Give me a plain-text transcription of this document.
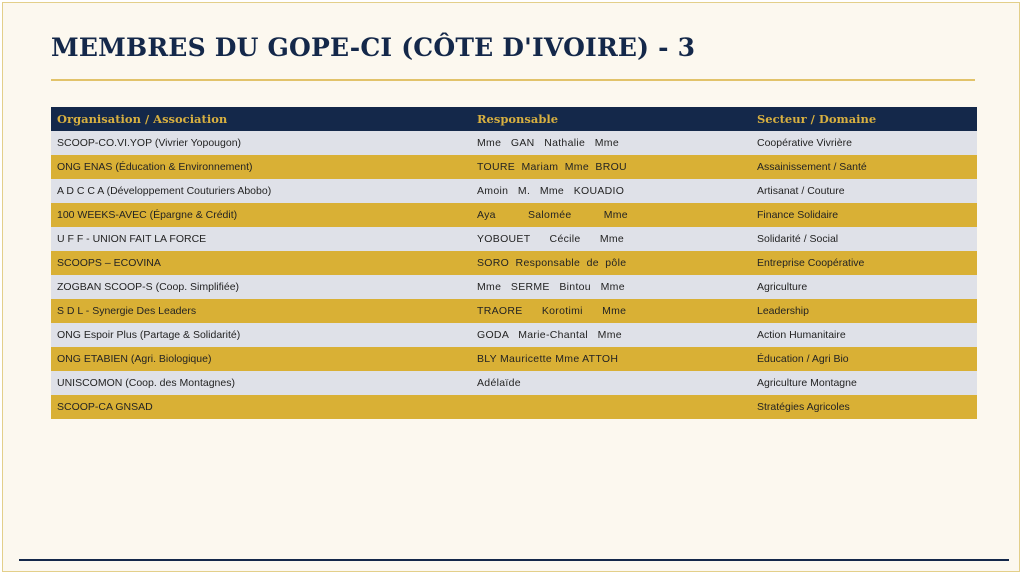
MEMBRES DU GOPE-CI (CÔTE D'IVOIRE) - 3
Organisation / Association	Responsable	Secteur / Domaine
SCOOP-CO.VI.YOP (Vivrier Yopougon)	Mme   GAN   Nathalie   Mme	Coopérative Vivrière
ONG ENAS (Éducation & Environnement)	TOURE  Mariam  Mme  BROU	Assainissement / Santé
A D C C A (Développement Couturiers Abobo)	Amoin   M.   Mme   KOUADIO	Artisanat / Couture
100 WEEKS-AVEC (Épargne & Crédit)	Aya          Salomée          Mme	Finance Solidaire
U F F - UNION FAIT LA FORCE	YOBOUET      Cécile      Mme	Solidarité / Social
SCOOPS – ECOVINA	SORO  Responsable  de  pôle	Entreprise Coopérative
ZOGBAN SCOOP-S (Coop. Simplifiée)	Mme   SERME   Bintou   Mme	Agriculture
S D L - Synergie Des Leaders	TRAORE      Korotimi      Mme	Leadership
ONG Espoir Plus (Partage & Solidarité)	GODA   Marie-Chantal   Mme	Action Humanitaire
ONG ETABIEN (Agri. Biologique)	BLY Mauricette Mme ATTOH	Éducation / Agri Bio
UNISCOMON (Coop. des Montagnes)	Adélaïde	Agriculture Montagne
SCOOP-CA GNSAD		Stratégies Agricoles
